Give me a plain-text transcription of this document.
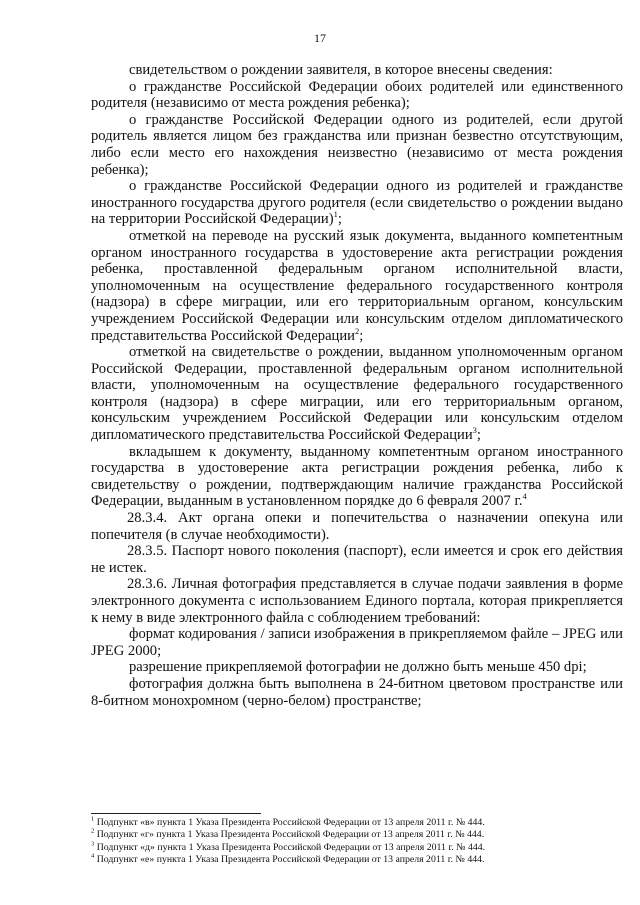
17

свидетельством о рождении заявителя, в которое внесены сведения:

о гражданстве Российской Федерации обоих родителей или единственного родителя (независимо от места рождения ребенка);

о гражданстве Российской Федерации одного из родителей, если другой родитель является лицом без гражданства или признан безвестно отсутствующим, либо если место его нахождения неизвестно (независимо от места рождения ребенка);

о гражданстве Российской Федерации одного из родителей и гражданстве иностранного государства другого родителя (если свидетельство о рождении выдано на территории Российской Федерации)$^1$;

отметкой на переводе на русский язык документа, выданного компетентным органом иностранного государства в удостоверение акта регистрации рождения ребенка, проставленной федеральным органом исполнительной власти, уполномоченным на осуществление федерального государственного контроля (надзора) в сфере миграции, или его территориальным органом, консульским учреждением Российской Федерации или консульским отделом дипломатического представительства Российской Федерации$^2$;

отметкой на свидетельстве о рождении, выданном уполномоченным органом Российской Федерации, проставленной федеральным органом исполнительной власти, уполномоченным на осуществление федерального государственного контроля (надзора) в сфере миграции, или его территориальным органом, консульским учреждением Российской Федерации или консульским отделом дипломатического представительства Российской Федерации$^3$;

вкладышем к документу, выданному компетентным органом иностранного государства в удостоверение акта регистрации рождения ребенка, либо к свидетельству о рождении, подтверждающим наличие гражданства Российской Федерации, выданным в установленном порядке до 6 февраля 2007 г.$^4$

28.3.4. Акт органа опеки и попечительства о назначении опекуна или попечителя (в случае необходимости).

28.3.5. Паспорт нового поколения (паспорт), если имеется и срок его действия не истек.

28.3.6. Личная фотография представляется в случае подачи заявления в форме электронного документа с использованием Единого портала, которая прикрепляется к нему в виде электронного файла с соблюдением требований:

формат кодирования / записи изображения в прикрепляемом файле – JPEG или JPEG 2000;

разрешение прикрепляемой фотографии не должно быть меньше 450 dpi;

фотография должна быть выполнена в 24-битном цветовом пространстве или 8-битном монохромном (черно-белом) пространстве;

$^1$ Подпункт «в» пункта 1 Указа Президента Российской Федерации от 13 апреля 2011 г. № 444.
$^2$ Подпункт «г» пункта 1 Указа Президента Российской Федерации от 13 апреля 2011 г. № 444.
$^3$ Подпункт «д» пункта 1 Указа Президента Российской Федерации от 13 апреля 2011 г. № 444.
$^4$ Подпункт «е» пункта 1 Указа Президента Российской Федерации от 13 апреля 2011 г. № 444.
